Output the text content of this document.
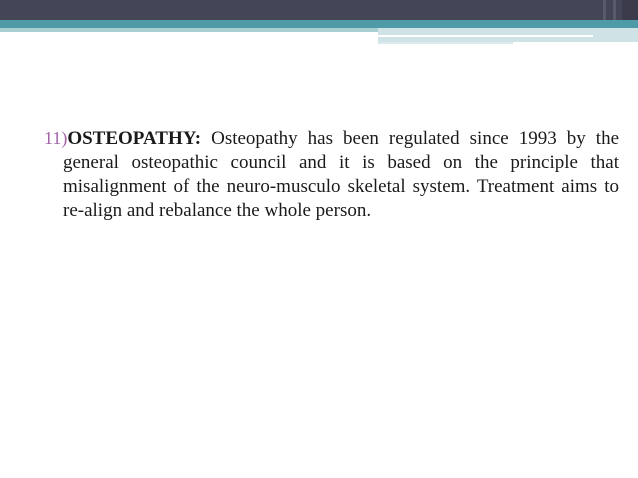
11)OSTEOPATHY: Osteopathy has been regulated since 1993 by the general osteopathic council and it is based on the principle that misalignment of the neuro-musculo skeletal system. Treatment aims to re-align and rebalance the whole person.
